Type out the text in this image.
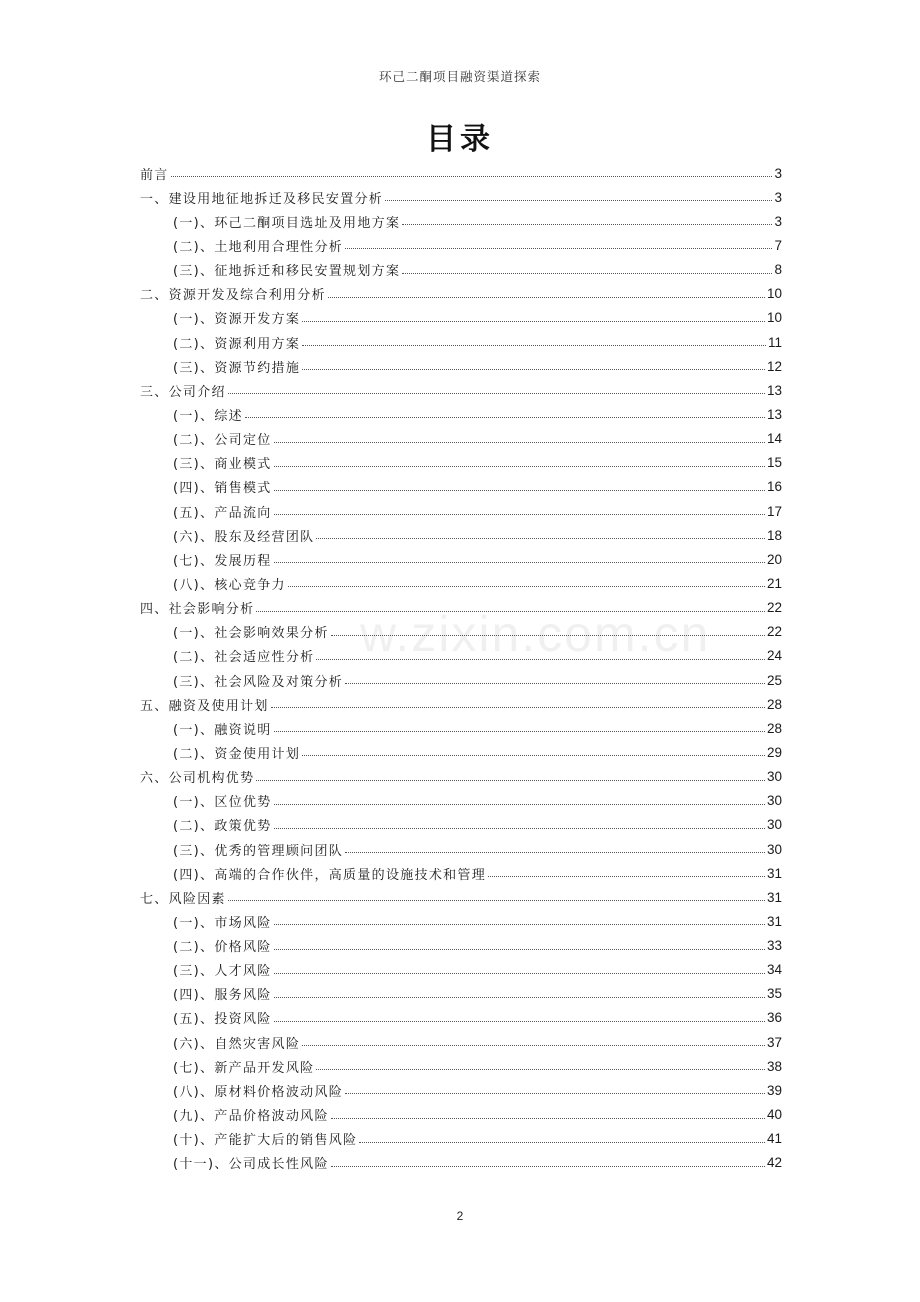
环己二酮项目融资渠道探索
目录
w.zixin.com.cn
前言	3
一、建设用地征地拆迁及移民安置分析	3
(一)、环己二酮项目选址及用地方案	3
(二)、土地利用合理性分析	7
(三)、征地拆迁和移民安置规划方案	8
二、资源开发及综合利用分析	10
(一)、资源开发方案	10
(二)、资源利用方案	11
(三)、资源节约措施	12
三、公司介绍	13
(一)、综述	13
(二)、公司定位	14
(三)、商业模式	15
(四)、销售模式	16
(五)、产品流向	17
(六)、股东及经营团队	18
(七)、发展历程	20
(八)、核心竞争力	21
四、社会影响分析	22
(一)、社会影响效果分析	22
(二)、社会适应性分析	24
(三)、社会风险及对策分析	25
五、融资及使用计划	28
(一)、融资说明	28
(二)、资金使用计划	29
六、公司机构优势	30
(一)、区位优势	30
(二)、政策优势	30
(三)、优秀的管理顾问团队	30
(四)、高端的合作伙伴，高质量的设施技术和管理	31
七、风险因素	31
(一)、市场风险	31
(二)、价格风险	33
(三)、人才风险	34
(四)、服务风险	35
(五)、投资风险	36
(六)、自然灾害风险	37
(七)、新产品开发风险	38
(八)、原材料价格波动风险	39
(九)、产品价格波动风险	40
(十)、产能扩大后的销售风险	41
(十一)、公司成长性风险	42
2
